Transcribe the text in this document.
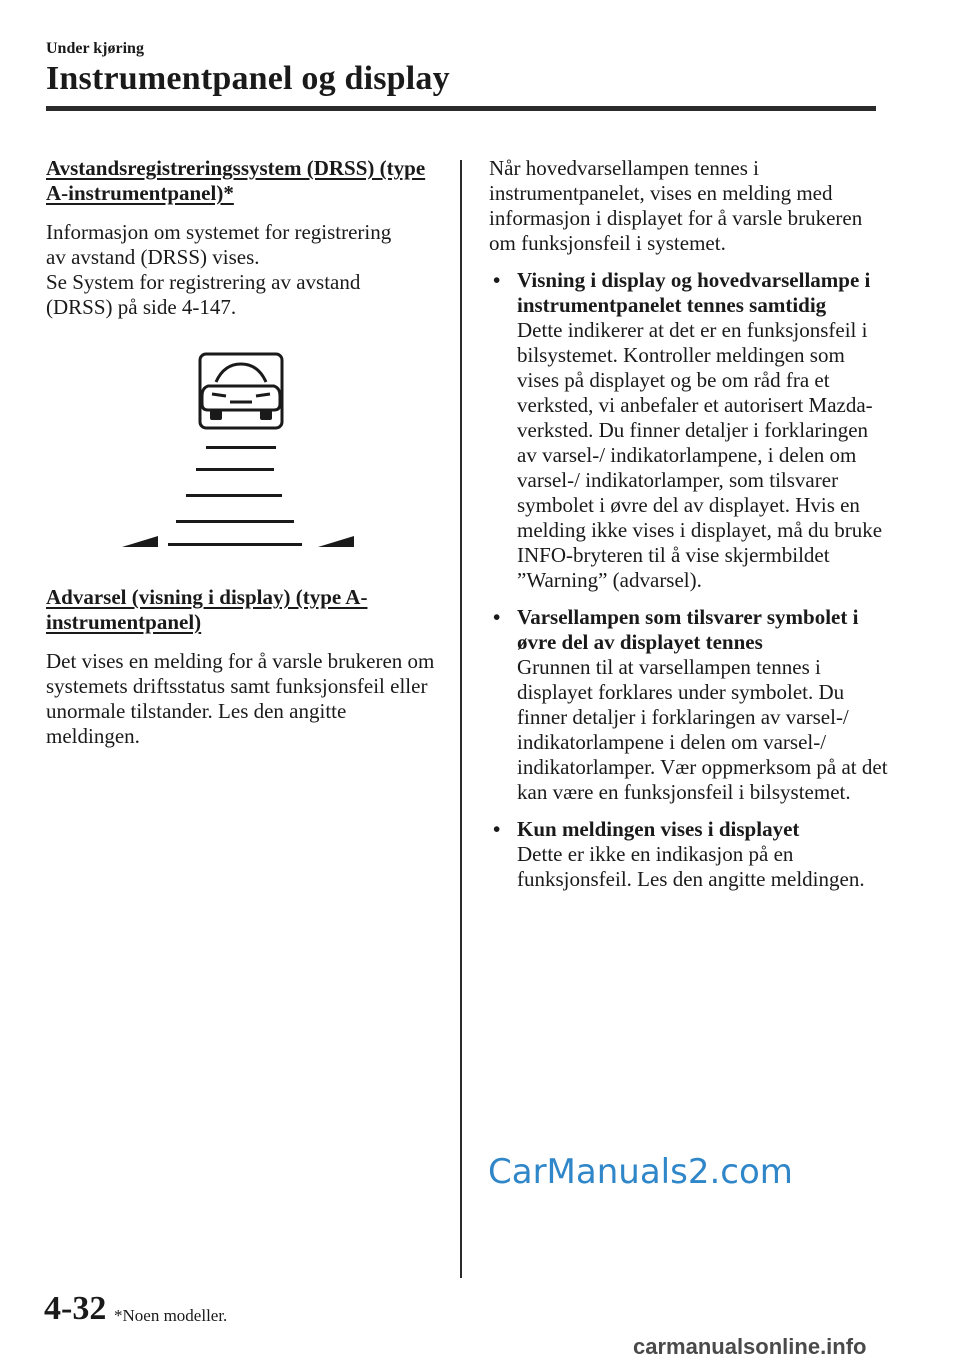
Under kjøring
Instrumentpanel og display

Avstandsregistreringssystem (DRSS) (type A-instrumentpanel)*

Informasjon om systemet for registrering

av avstand (DRSS) vises.

Se System for registrering av avstand

(DRSS) på side 4-147.

Advarsel (visning i display) (type A-instrumentpanel)

Det vises en melding for å varsle brukeren om systemets driftsstatus samt funksjonsfeil eller unormale tilstander. Les den angitte meldingen.

Når hovedvarsellampen tennes i instrumentpanelet, vises en melding med informasjon i displayet for å varsle brukeren om funksjonsfeil i systemet.

• Visning i display og hovedvarsellampe i instrumentpanelet tennes samtidig
Dette indikerer at det er en funksjonsfeil i bilsystemet. Kontroller meldingen som vises på displayet og be om råd fra et verksted, vi anbefaler et autorisert Mazda-verksted. Du finner detaljer i forklaringen av varsel-/ indikatorlampene, i delen om varsel-/ indikatorlamper, som tilsvarer symbolet i øvre del av displayet. Hvis en melding ikke vises i displayet, må du bruke INFO-bryteren til å vise skjermbildet ”Warning” (advarsel).
• Varsellampen som tilsvarer symbolet i øvre del av displayet tennes
Grunnen til at varsellampen tennes i displayet forklares under symbolet. Du finner detaljer i forklaringen av varsel-/ indikatorlampene i delen om varsel-/ indikatorlamper. Vær oppmerksom på at det kan være en funksjonsfeil i bilsystemet.
• Kun meldingen vises i displayet
Dette er ikke en indikasjon på en funksjonsfeil. Les den angitte meldingen.
CarManuals2.com
4-32 *Noen modeller.
carmanualsonline.info
